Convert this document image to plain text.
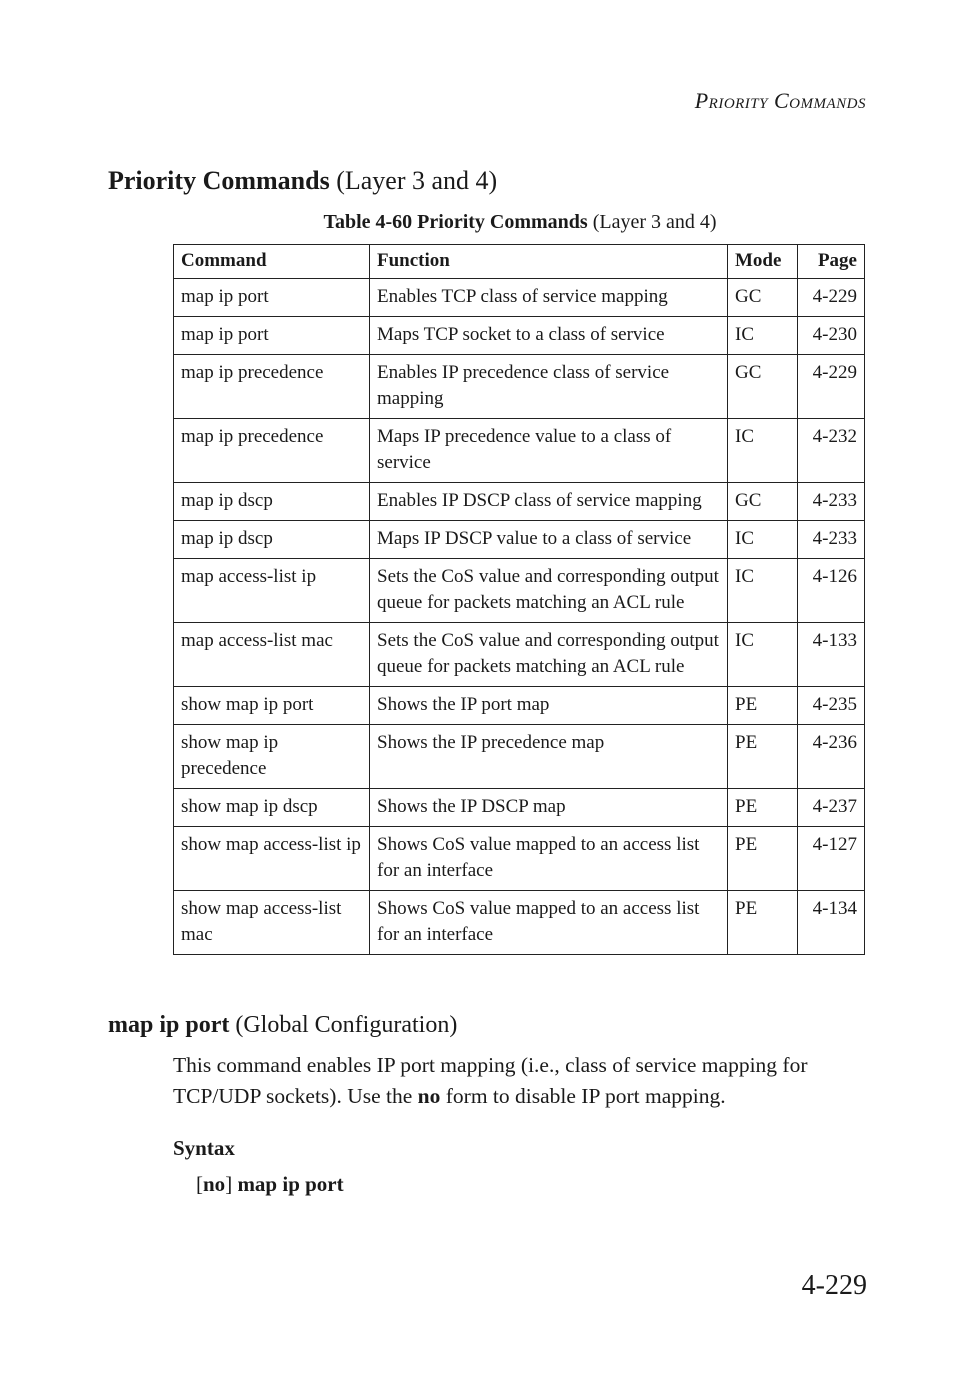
Priority Commands
Priority Commands (Layer 3 and 4)
Table 4-60 Priority Commands (Layer 3 and 4)
Command	Function	Mode	Page
map ip port	Enables TCP class of service mapping	GC	4-229
map ip port	Maps TCP socket to a class of service	IC	4-230
map ip precedence	Enables IP precedence class of service mapping	GC	4-229
map ip precedence	Maps IP precedence value to a class of service	IC	4-232
map ip dscp	Enables IP DSCP class of service mapping	GC	4-233
map ip dscp	Maps IP DSCP value to a class of service	IC	4-233
map access-list ip	Sets the CoS value and corresponding output queue for packets matching an ACL rule	IC	4-126
map access-list mac	Sets the CoS value and corresponding output queue for packets matching an ACL rule	IC	4-133
show map ip port	Shows the IP port map	PE	4-235
show map ip precedence	Shows the IP precedence map	PE	4-236
show map ip dscp	Shows the IP DSCP map	PE	4-237
show map access-list ip	Shows CoS value mapped to an access list for an interface	PE	4-127
show map access-list mac	Shows CoS value mapped to an access list for an interface	PE	4-134
map ip port (Global Configuration)
This command enables IP port mapping (i.e., class of service mapping for TCP/UDP sockets). Use the no form to disable IP port mapping.
Syntax
[no] map ip port
4-229
